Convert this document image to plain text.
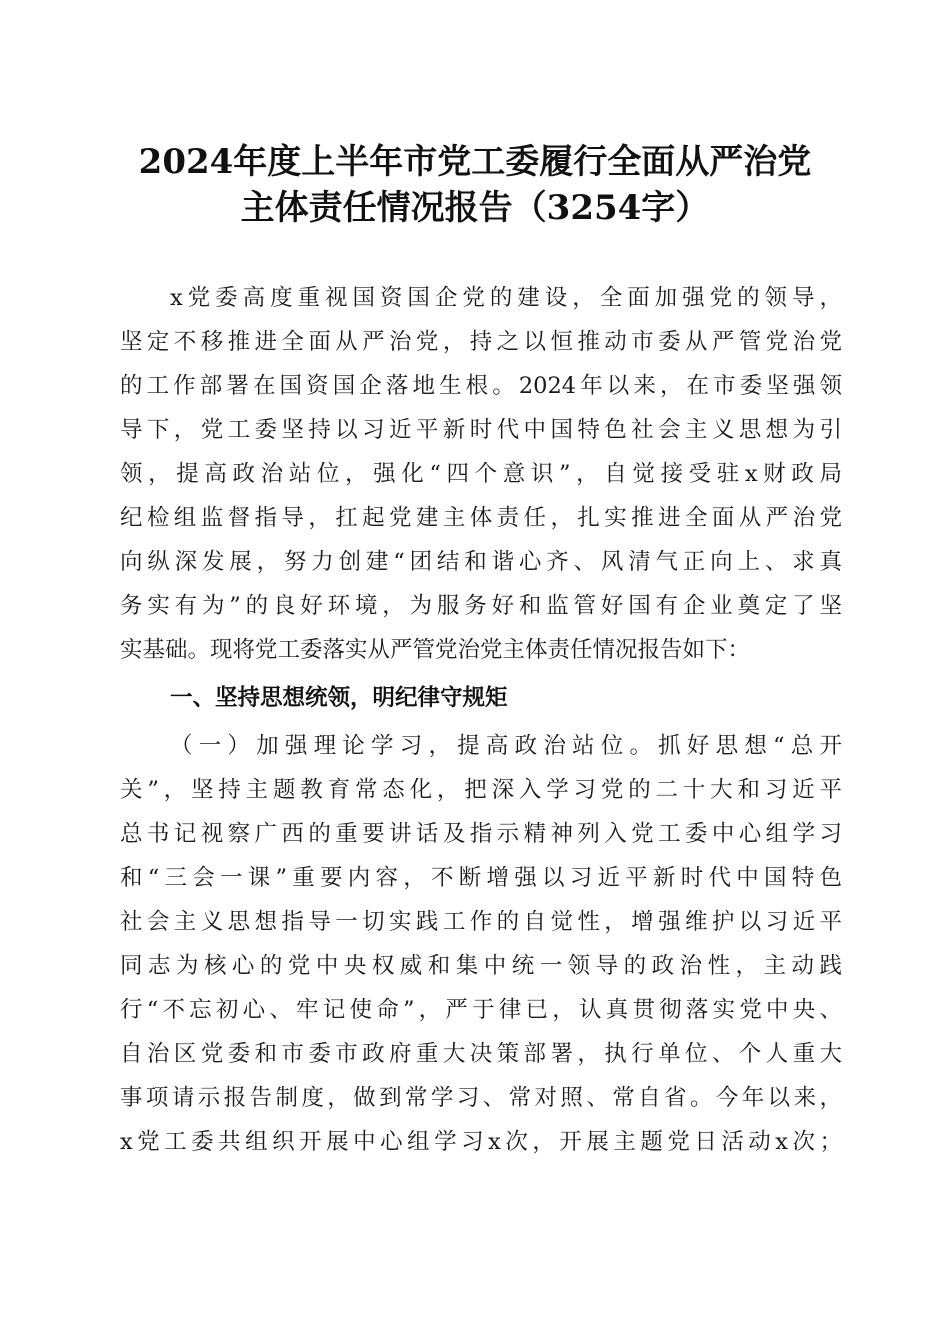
2024年度上半年市党工委履行全面从严治党
主体责任情况报告（3254字）
x党委高度重视国资国企党的建设，全面加强党的领导，
坚定不移推进全面从严治党，持之以恒推动市委从严管党治党
的工作部署在国资国企落地生根。2024年以来，在市委坚强领
导下，党工委坚持以习近平新时代中国特色社会主义思想为引
领，提高政治站位，强化“四个意识”，自觉接受驻x财政局
纪检组监督指导，扛起党建主体责任，扎实推进全面从严治党
向纵深发展，努力创建“团结和谐心齐、风清气正向上、求真
务实有为”的良好环境，为服务好和监管好国有企业奠定了坚
实基础。现将党工委落实从严管党治党主体责任情况报告如下：
一、坚持思想统领，明纪律守规矩
（一）加强理论学习，提高政治站位。抓好思想“总开
关”，坚持主题教育常态化，把深入学习党的二十大和习近平
总书记视察广西的重要讲话及指示精神列入党工委中心组学习
和“三会一课”重要内容，不断增强以习近平新时代中国特色
社会主义思想指导一切实践工作的自觉性，增强维护以习近平
同志为核心的党中央权威和集中统一领导的政治性，主动践
行“不忘初心、牢记使命”，严于律已，认真贯彻落实党中央、
自治区党委和市委市政府重大决策部署，执行单位、个人重大
事项请示报告制度，做到常学习、常对照、常自省。今年以来，
x党工委共组织开展中心组学习x次，开展主题党日活动x次；
